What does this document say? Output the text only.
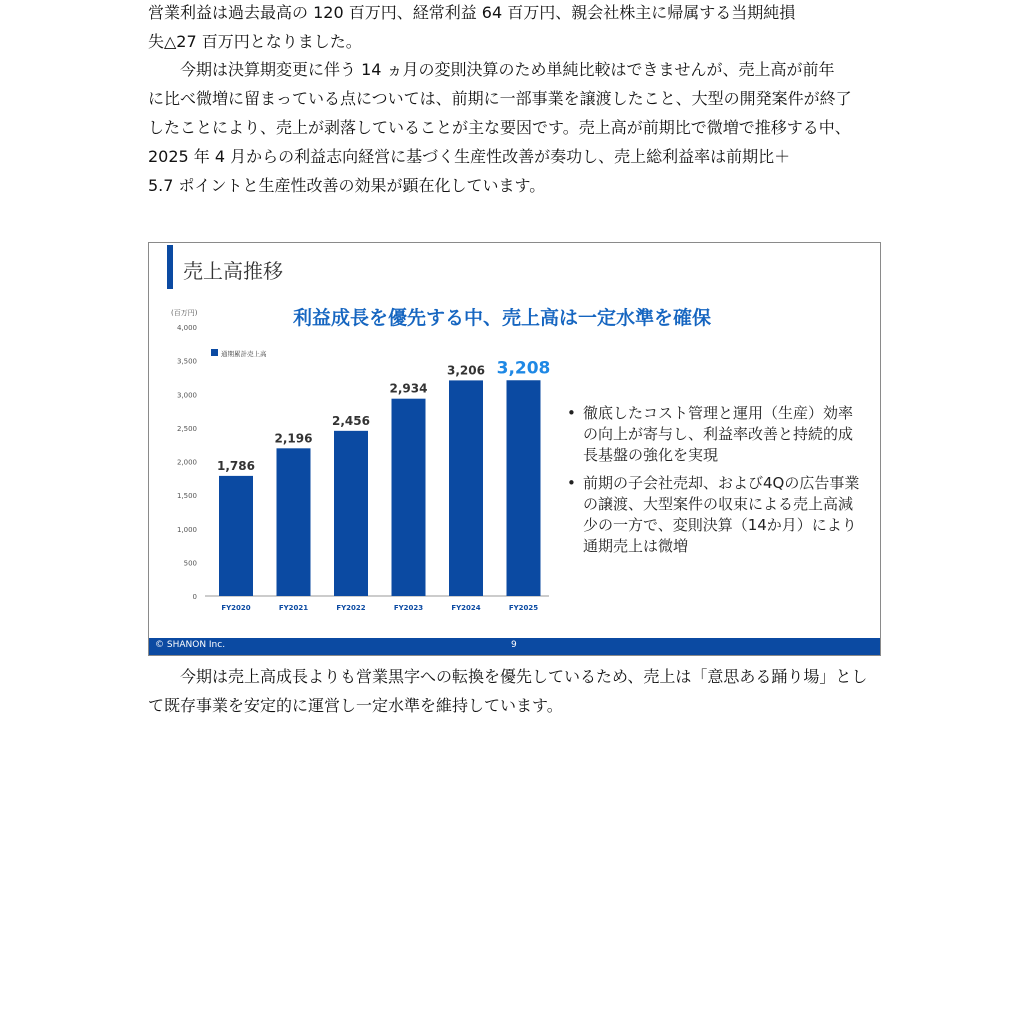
営業利益は過去最高の 120 百万円、経常利益 64 百万円、親会社株主に帰属する当期純損
失△27 百万円となりました。

今期は決算期変更に伴う 14 ヵ月の変則決算のため単純比較はできませんが、売上高が前年
に比べ微増に留まっている点については、前期に一部事業を譲渡したこと、大型の開発案件が終了
したことにより、売上が剥落していることが主な要因です。売上高が前期比で微増で推移する中、
2025 年 4 月からの利益志向経営に基づく生産性改善が奏功し、売上総利益率は前期比＋
5.7 ポイントと生産性改善の効果が顕在化しています。

売上高推移
利益成長を優先する中、売上高は一定水準を確保
(百万円)
0
500
1,000
1,500
2,000
2,500
3,000
3,500
4,000
通期累計売上高
1,786
FY2020
2,196
FY2021
2,456
FY2022
2,934
FY2023
3,206
FY2024
3,208
FY2025
• 徹底したコスト管理と運用（生産）効率の向上が寄与し、利益率改善と持続的成長基盤の強化を実現
• 前期の子会社売却、および4Qの広告事業の譲渡、大型案件の収束による売上高減少の一方で、変則決算（14か月）により通期売上は微増
© SHANON Inc.	9

今期は売上高成長よりも営業黒字への転換を優先しているため、売上は「意思ある踊り場」とし
て既存事業を安定的に運営し一定水準を維持しています。
